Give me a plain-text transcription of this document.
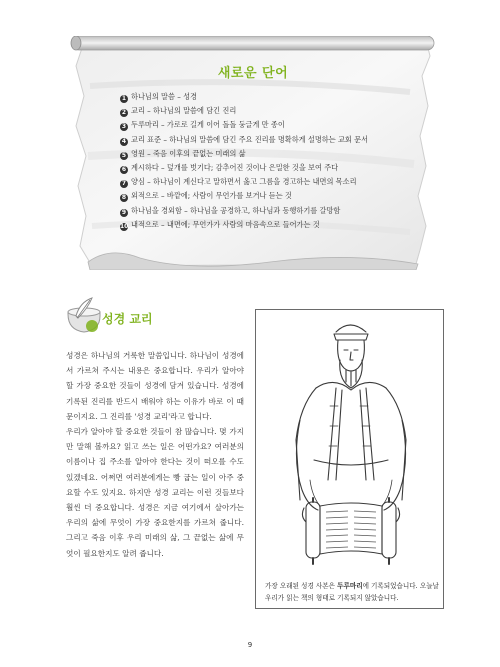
새로운 단어
1 하나님의 말씀 – 성경
2 교리 – 하나님의 말씀에 담긴 진리
3 두루마리 – 가로로 길게 이어 돌돌 둥글게 만 종이
4 교리 표준 – 하나님의 말씀에 담긴 주요 진리를 명확하게 설명하는 교회 문서
5 영원 – 죽음 이후의 끝없는 미래의 삶
6 계시하다 – 덮개를 벗기다; 감추어진 것이나 은밀한 것을 보여 주다
7 양심 – 하나님이 계신다고 말하면서 옳고 그름을 경고하는 내면의 목소리
8 외적으로 – 바깥에; 사람이 무언가를 보거나 듣는 것
9 하나님을 경외함 – 하나님을 공경하고, 하나님과 동행하기를 갈망함
10 내적으로 – 내면에; 무언가가 사람의 마음속으로 들어가는 것
성경 교리

성경은 하나님의 거룩한 말씀입니다. 하나님이 성경에서 가르쳐 주시는 내용은 중요합니다. 우리가 알아야 할 가장 중요한 것들이 성경에 담겨 있습니다. 성경에 기록된 진리를 반드시 배워야 하는 이유가 바로 이 때문이지요. 그 진리를 '성경 교리'라고 합니다.

우리가 알아야 할 중요한 것들이 참 많습니다. 몇 가지만 말해 볼까요? 읽고 쓰는 일은 어떤가요? 여러분의 이름이나 집 주소를 알아야 한다는 것이 떠오를 수도 있겠네요. 어쩌면 여러분에게는 빵 굽는 일이 아주 중요할 수도 있지요. 하지만 성경 교리는 이런 것들보다 훨씬 더 중요합니다. 성경은 지금 여기에서 살아가는 우리의 삶에 무엇이 가장 중요한지를 가르쳐 줍니다. 그리고 죽음 이후 우리 미래의 삶, 그 끝없는 삶에 무엇이 필요한지도 알려 줍니다.

가장 오래된 성경 사본은 두루마리에 기록되었습니다. 오늘날 우리가 읽는 책의 형태로 기록되지 않았습니다.
9
